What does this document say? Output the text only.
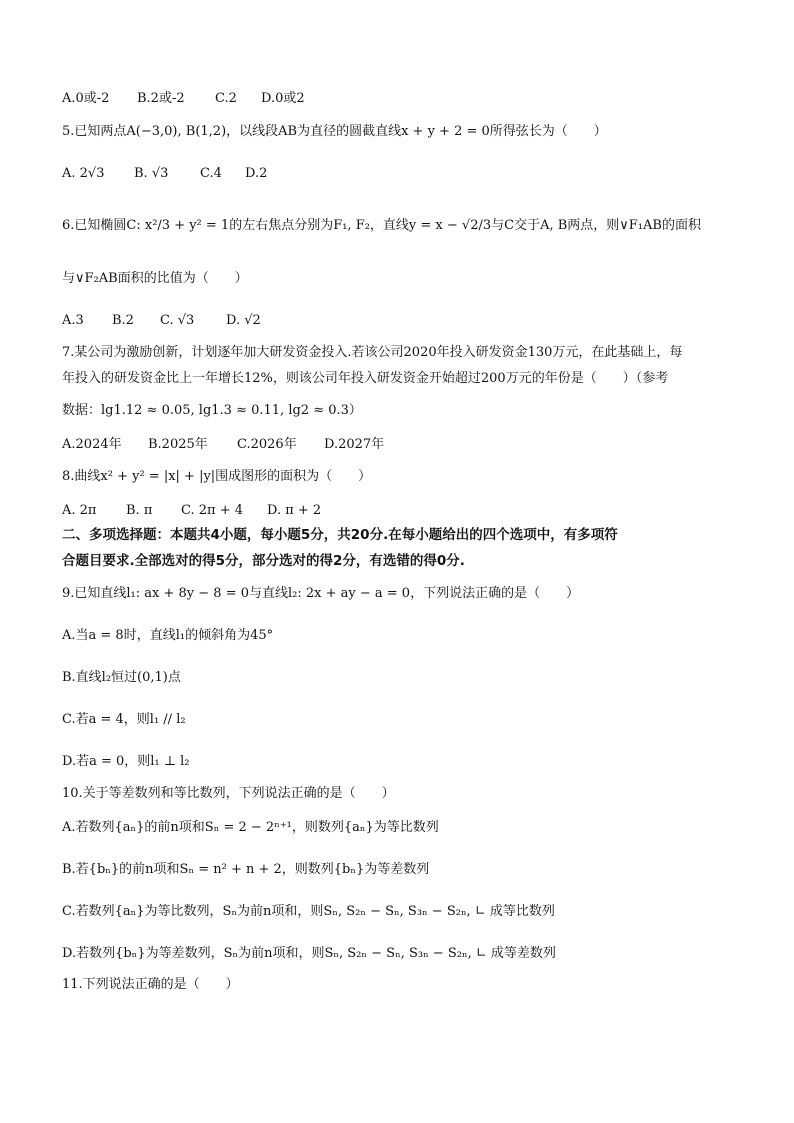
A.0或-2 B.2或-2 C.2 D.0或2
5.已知两点A(−3,0), B(1,2)，以线段AB为直径的圆截直线x + y + 2 = 0所得弦长为（　　）
A. 2√3 B. √3 C.4 D.2
6.已知椭圆C: x²/3 + y² = 1的左右焦点分别为F₁, F₂，直线y = x − √2/3与C交于A, B两点，则∨F₁AB的面积
与∨F₂AB面积的比值为（　　）
A.3 B.2 C. √3 D. √2
7.某公司为激励创新，计划逐年加大研发资金投入.若该公司2020年投入研发资金130万元，在此基础上，每
年投入的研发资金比上一年增长12%，则该公司年投入研发资金开始超过200万元的年份是（　　）（参考
数据：lg1.12 ≈ 0.05, lg1.3 ≈ 0.11, lg2 ≈ 0.3）
A.2024年 B.2025年 C.2026年 D.2027年
8.曲线x² + y² = |x| + |y|围成图形的面积为（　　）
A. 2π B. π C. 2π + 4 D. π + 2
二、多项选择题：本题共4小题，每小题5分，共20分.在每小题给出的四个选项中，有多项符
合题目要求.全部选对的得5分，部分选对的得2分，有选错的得0分.
9.已知直线l₁: ax + 8y − 8 = 0与直线l₂: 2x + ay − a = 0，下列说法正确的是（　　）
A.当a = 8时，直线l₁的倾斜角为45°
B.直线l₂恒过(0,1)点
C.若a = 4，则l₁ // l₂
D.若a = 0，则l₁ ⊥ l₂
10.关于等差数列和等比数列，下列说法正确的是（　　）
A.若数列{aₙ}的前n项和Sₙ = 2 − 2ⁿ⁺¹，则数列{aₙ}为等比数列
B.若{bₙ}的前n项和Sₙ = n² + n + 2，则数列{bₙ}为等差数列
C.若数列{aₙ}为等比数列，Sₙ为前n项和，则Sₙ, S₂ₙ − Sₙ, S₃ₙ − S₂ₙ, ∟ 成等比数列
D.若数列{bₙ}为等差数列，Sₙ为前n项和，则Sₙ, S₂ₙ − Sₙ, S₃ₙ − S₂ₙ, ∟ 成等差数列
11.下列说法正确的是（　　）
